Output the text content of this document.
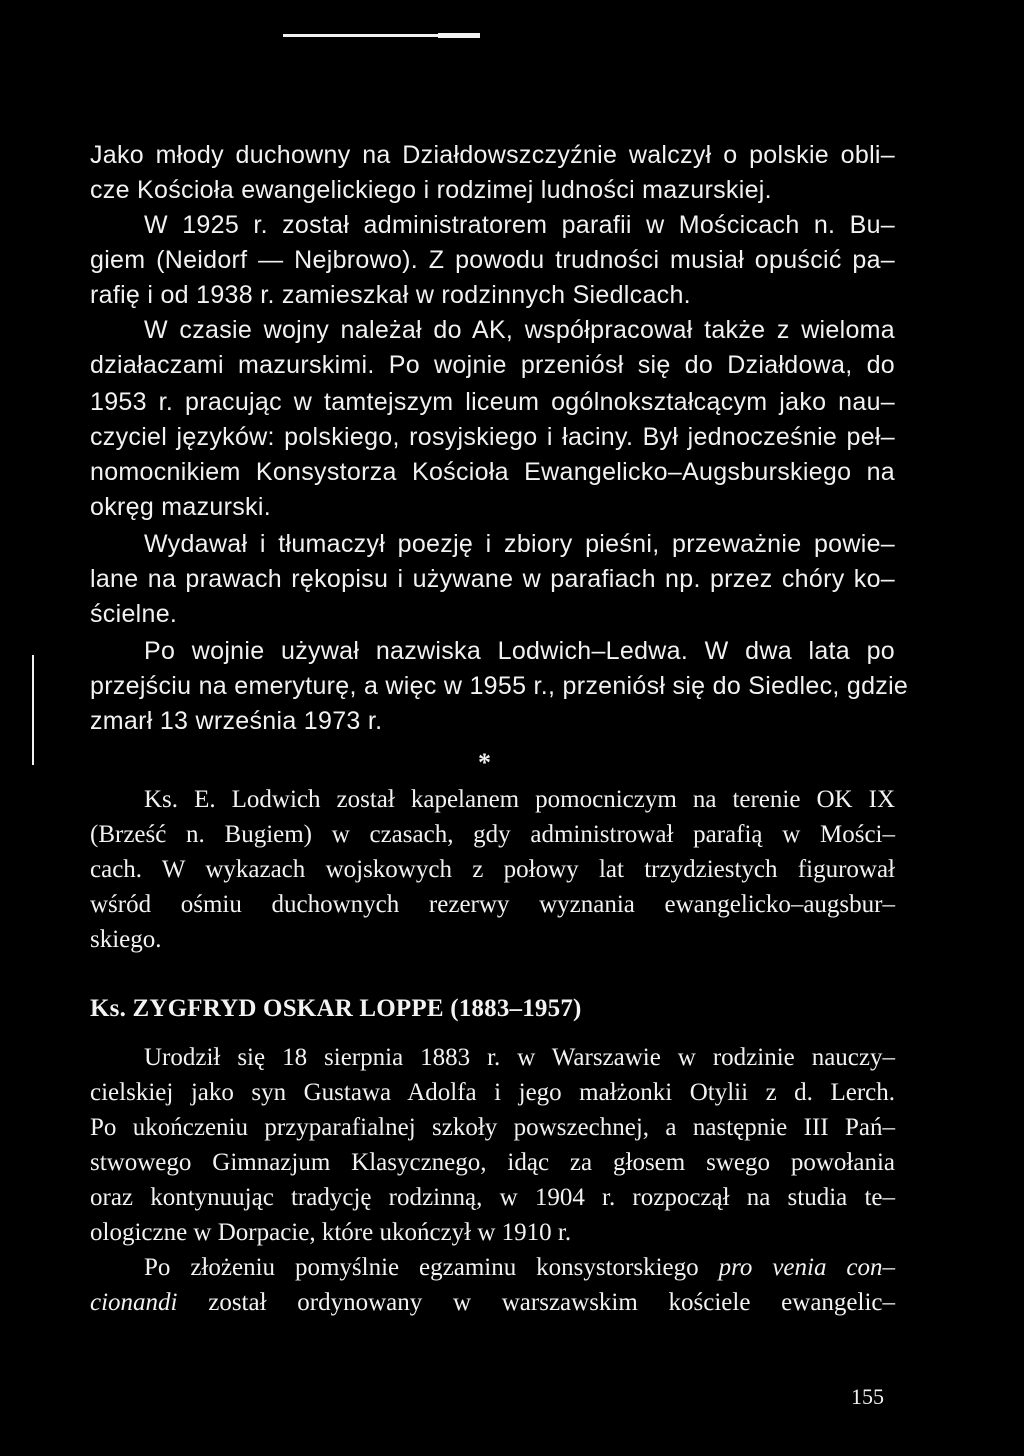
Jako młody duchowny na Działdowszczyźnie walczył o polskie obli–
cze Kościoła ewangelickiego i rodzimej ludności mazurskiej.
W 1925 r. został administratorem parafii w Mościcach n. Bu–
giem (Neidorf — Nejbrowo). Z powodu trudności musiał opuścić pa–
rafię i od 1938 r. zamieszkał w rodzinnych Siedlcach.
W czasie wojny należał do AK, współpracował także z wieloma
działaczami mazurskimi. Po wojnie przeniósł się do Działdowa, do
1953 r. pracując w tamtejszym liceum ogólnokształcącym jako nau–
czyciel języków: polskiego, rosyjskiego i łaciny. Był jednocześnie peł–
nomocnikiem Konsystorza Kościoła Ewangelicko–Augsburskiego na
okręg mazurski.
Wydawał i tłumaczył poezję i zbiory pieśni, przeważnie powie–
lane na prawach rękopisu i używane w parafiach np. przez chóry ko–
ścielne.
Po wojnie używał nazwiska Lodwich–Ledwa. W dwa lata po
przejściu na emeryturę, a więc w 1955 r., przeniósł się do Siedlec, gdzie
zmarł 13 września 1973 r.
*
Ks. E. Lodwich został kapelanem pomocniczym na terenie OK IX
(Brześć n. Bugiem) w czasach, gdy administrował parafią w Mości–
cach. W wykazach wojskowych z połowy lat trzydziestych figurował
wśród ośmiu duchownych rezerwy wyznania ewangelicko–augsbur–
skiego.
Ks. ZYGFRYD OSKAR LOPPE (1883–1957)
Urodził się 18 sierpnia 1883 r. w Warszawie w rodzinie nauczy–
cielskiej jako syn Gustawa Adolfa i jego małżonki Otylii z d. Lerch.
Po ukończeniu przyparafialnej szkoły powszechnej, a następnie III Pań–
stwowego Gimnazjum Klasycznego, idąc za głosem swego powołania
oraz kontynuując tradycję rodzinną, w 1904 r. rozpoczął na studia te–
ologiczne w Dorpacie, które ukończył w 1910 r.
Po złożeniu pomyślnie egzaminu konsystorskiego pro venia con–
cionandi został ordynowany w warszawskim kościele ewangelic–
155
